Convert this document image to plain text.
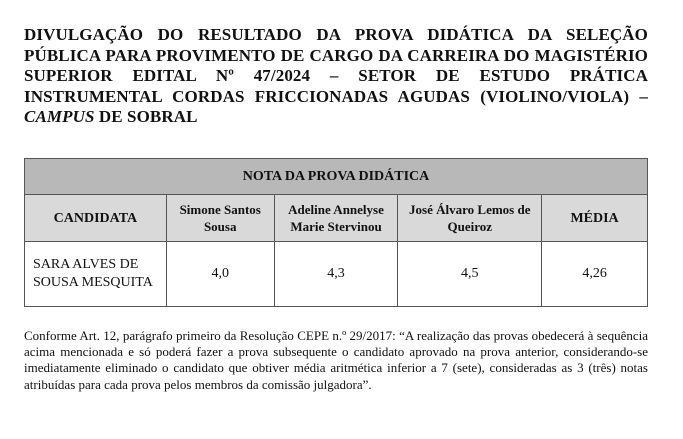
DIVULGAÇÃO DO RESULTADO DA PROVA DIDÁTICA DA SELEÇÃO PÚBLICA PARA PROVIMENTO DE CARGO DA CARREIRA DO MAGISTÉRIO SUPERIOR EDITAL Nº 47/2024 – SETOR DE ESTUDO PRÁTICA INSTRUMENTAL CORDAS FRICCIONADAS AGUDAS (VIOLINO/VIOLA) – CAMPUS DE SOBRAL

NOTA DA PROVA DIDÁTICA				
CANDIDATA	Simone Santos Sousa	Adeline Annelyse Marie Stervinou	José Álvaro Lemos de Queiroz	MÉDIA
SARA ALVES DE SOUSA MESQUITA	4,0	4,3	4,5	4,26

Conforme Art. 12, parágrafo primeiro da Resolução CEPE n.º 29/2017: “A realização das provas obedecerá à sequência acima mencionada e só poderá fazer a prova subsequente o candidato aprovado na prova anterior, considerando-se imediatamente eliminado o candidato que obtiver média aritmética inferior a 7 (sete), consideradas as 3 (três) notas atribuídas para cada prova pelos membros da comissão julgadora”.
